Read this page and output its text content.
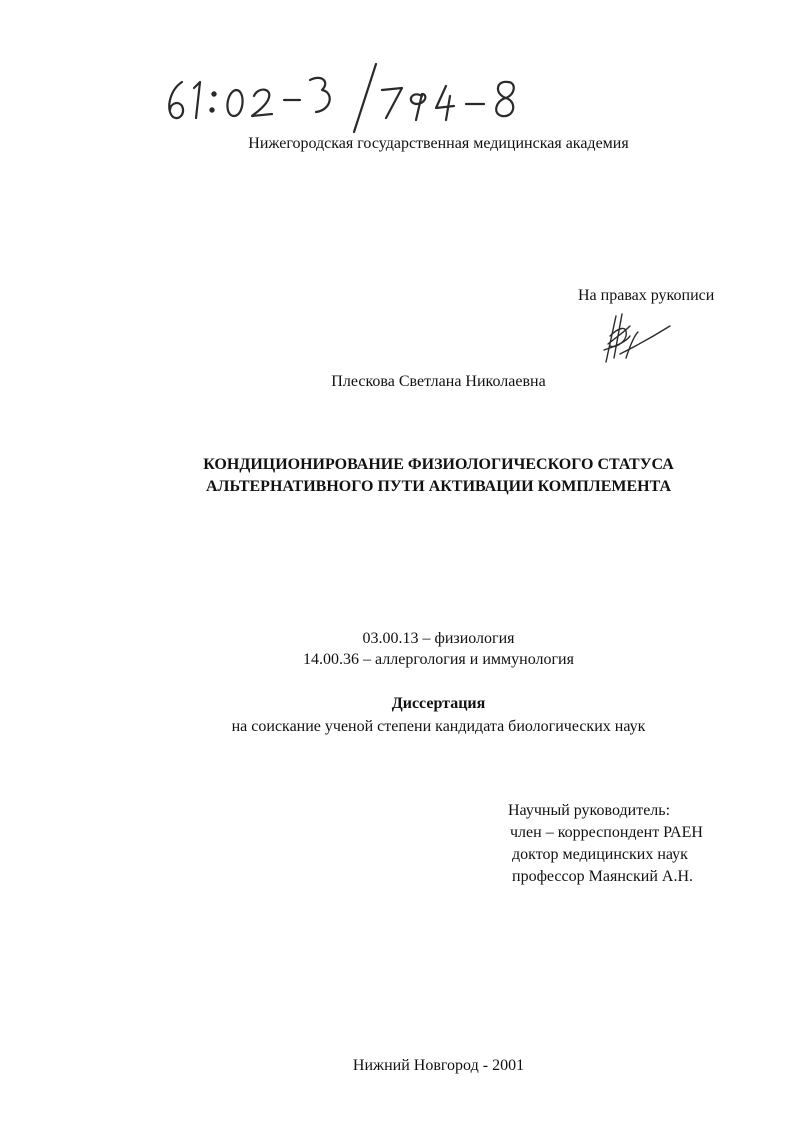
Нижегородская государственная медицинская академия
На правах рукописи
Плескова Светлана Николаевна
КОНДИЦИОНИРОВАНИЕ ФИЗИОЛОГИЧЕСКОГО СТАТУСА
АЛЬТЕРНАТИВНОГО ПУТИ АКТИВАЦИИ КОМПЛЕМЕНТА
03.00.13 – физиология
14.00.36 – аллергология и иммунология
Диссертация
на соискание ученой степени кандидата биологических наук
Научный руководитель:
член – корреспондент РАЕН
доктор медицинских наук
профессор Маянский А.Н.
Нижний Новгород - 2001
